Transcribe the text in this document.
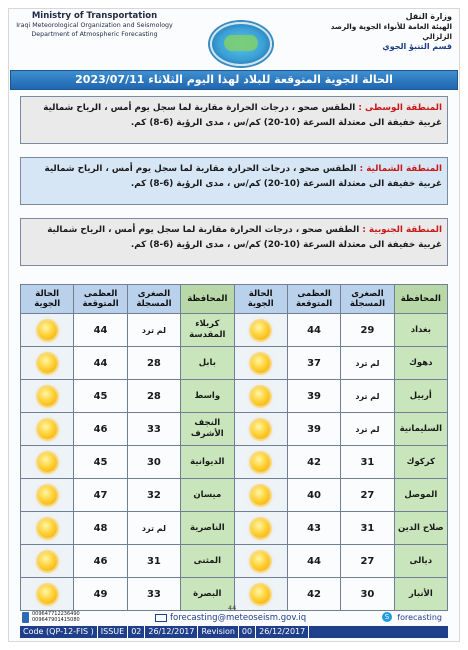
Ministry of Transportation
Iraqi Meteorological Organization and Seismology
Department of Atmospheric Forecasting
وزارة النقل
الهيئة العامة للأنواء الجوية والرصد الزلزالي
قسم التنبؤ الجوي
الحالة الجوية المتوقعة للبلاد لهذا اليوم الثلاثاء 2023/07/11
المنطقة الوسطى : الطقس صحو ، درجات الحرارة مقاربة لما سجل يوم أمس ، الرياح شمالية غربية خفيفة الى معتدلة السرعة (10-20) كم/س ، مدى الرؤية (6-8) كم.
المنطقة الشمالية : الطقس صحو ، درجات الحرارة مقاربة لما سجل يوم أمس ، الرياح شمالية غربية خفيفة الى معتدلة السرعة (10-20) كم/س ، مدى الرؤية (6-8) كم.
المنطقة الجنوبية : الطقس صحو ، درجات الحرارة مقاربة لما سجل يوم أمس ، الرياح شمالية غربية خفيفة الى معتدلة السرعة (10-20) كم/س ، مدى الرؤية (6-8) كم.
المحافظة	الصغرى المسجلة	العظمى المتوقعة	الحالة الجوية	المحافظة	الصغرى المسجلة	العظمى المتوقعة	الحالة الجوية
بغداد	29	44		كربلاء المقدسة	لم ترد	44	
دهوك	لم ترد	37		بابل	28	44	
أربيل	لم ترد	39		واسط	28	45	
السليمانية	لم ترد	39		النجف الأشرف	33	46	
كركوك	31	42		الديوانية	30	45	
الموصل	27	40		ميسان	32	47	
صلاح الدين	31	43		الناصرية	لم ترد	48	
ديالى	27	44		المثنى	31	46	
الأنبار	30	42		البصرة	33	49	
44
009647712236490
009647901415080	forecasting@meteoseism.gov.iq	S	forecasting
Code (QP-12-FIS ) ISSUE 02 26/12/2017 Revision 00 26/12/2017
